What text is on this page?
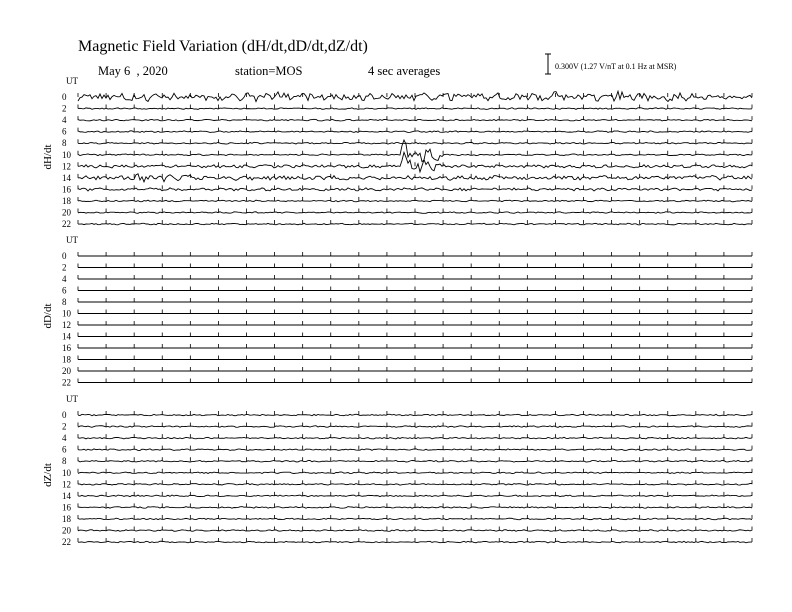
Magnetic Field Variation (dH/dt,dD/dt,dZ/dt)
May 6  , 2020	station=MOS	4 sec averages	0.300V (1.27 V/nT at 0.1 Hz at MSR)
UT
dH/dt
0
2
4
6
8
10
12
14
16
18
20
22
UT
dD/dt
0
2
4
6
8
10
12
14
16
18
20
22
UT
dZ/dt
0
2
4
6
8
10
12
14
16
18
20
22
